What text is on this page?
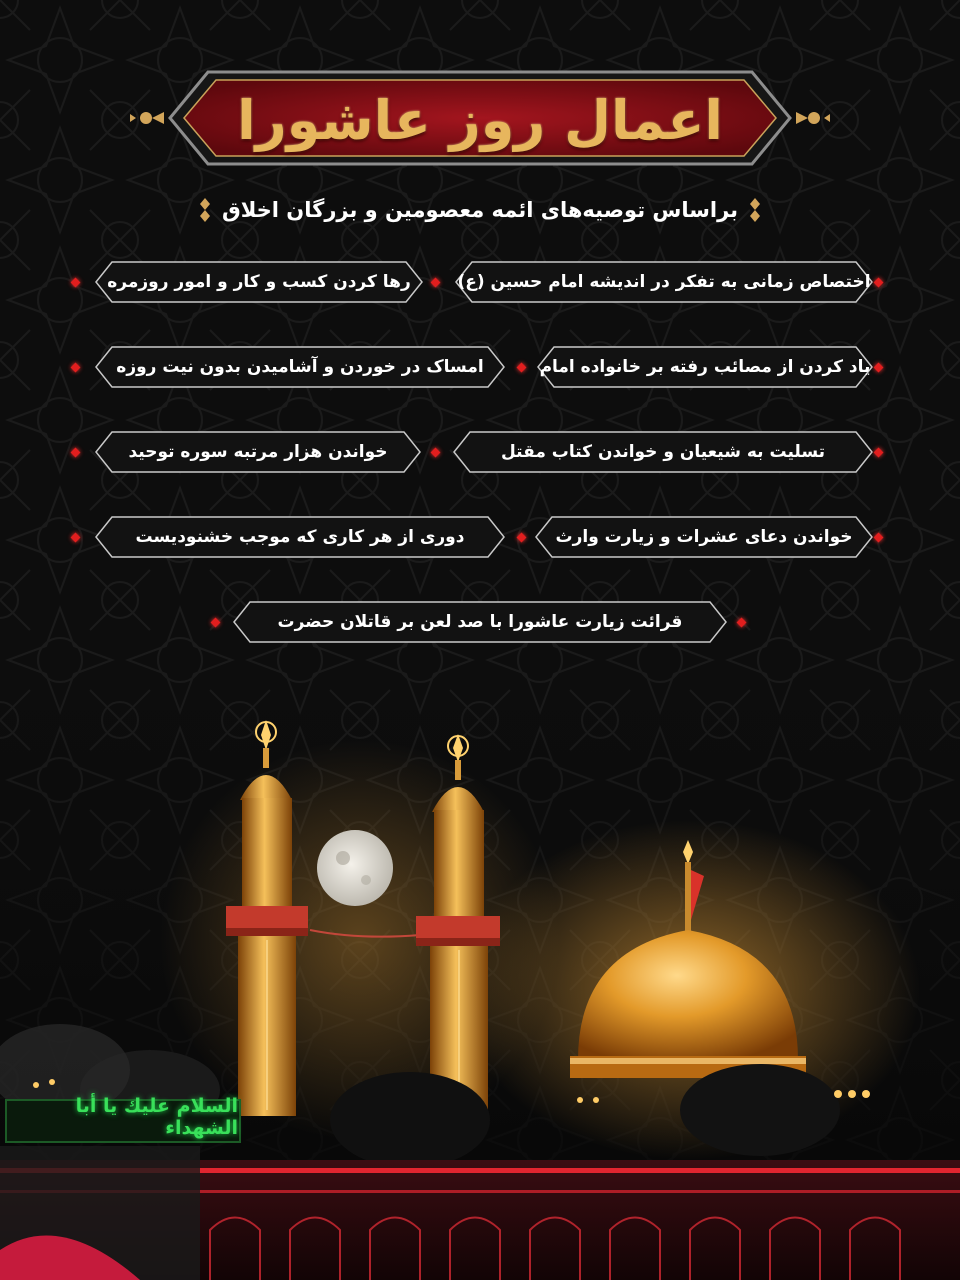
اعمال روز عاشورا
براساس توصیه‌های ائمه معصومین و بزرگان اخلاق
اختصاص زمانی به تفکر در اندیشه امام حسین (ع)
رها کردن کسب و کار و امور روزمره
یاد کردن از مصائب رفته بر خانواده امام
امساک در خوردن و آشامیدن بدون نیت روزه
تسلیت به شیعیان و خواندن کتاب مقتل
خواندن هزار مرتبه سوره توحید
خواندن دعای عشرات و زیارت وارث
دوری از هر کاری که موجب خشنودیست
قرائت زیارت عاشورا با صد لعن بر قاتلان حضرت
السلام علیك یا أبا الشهداء
